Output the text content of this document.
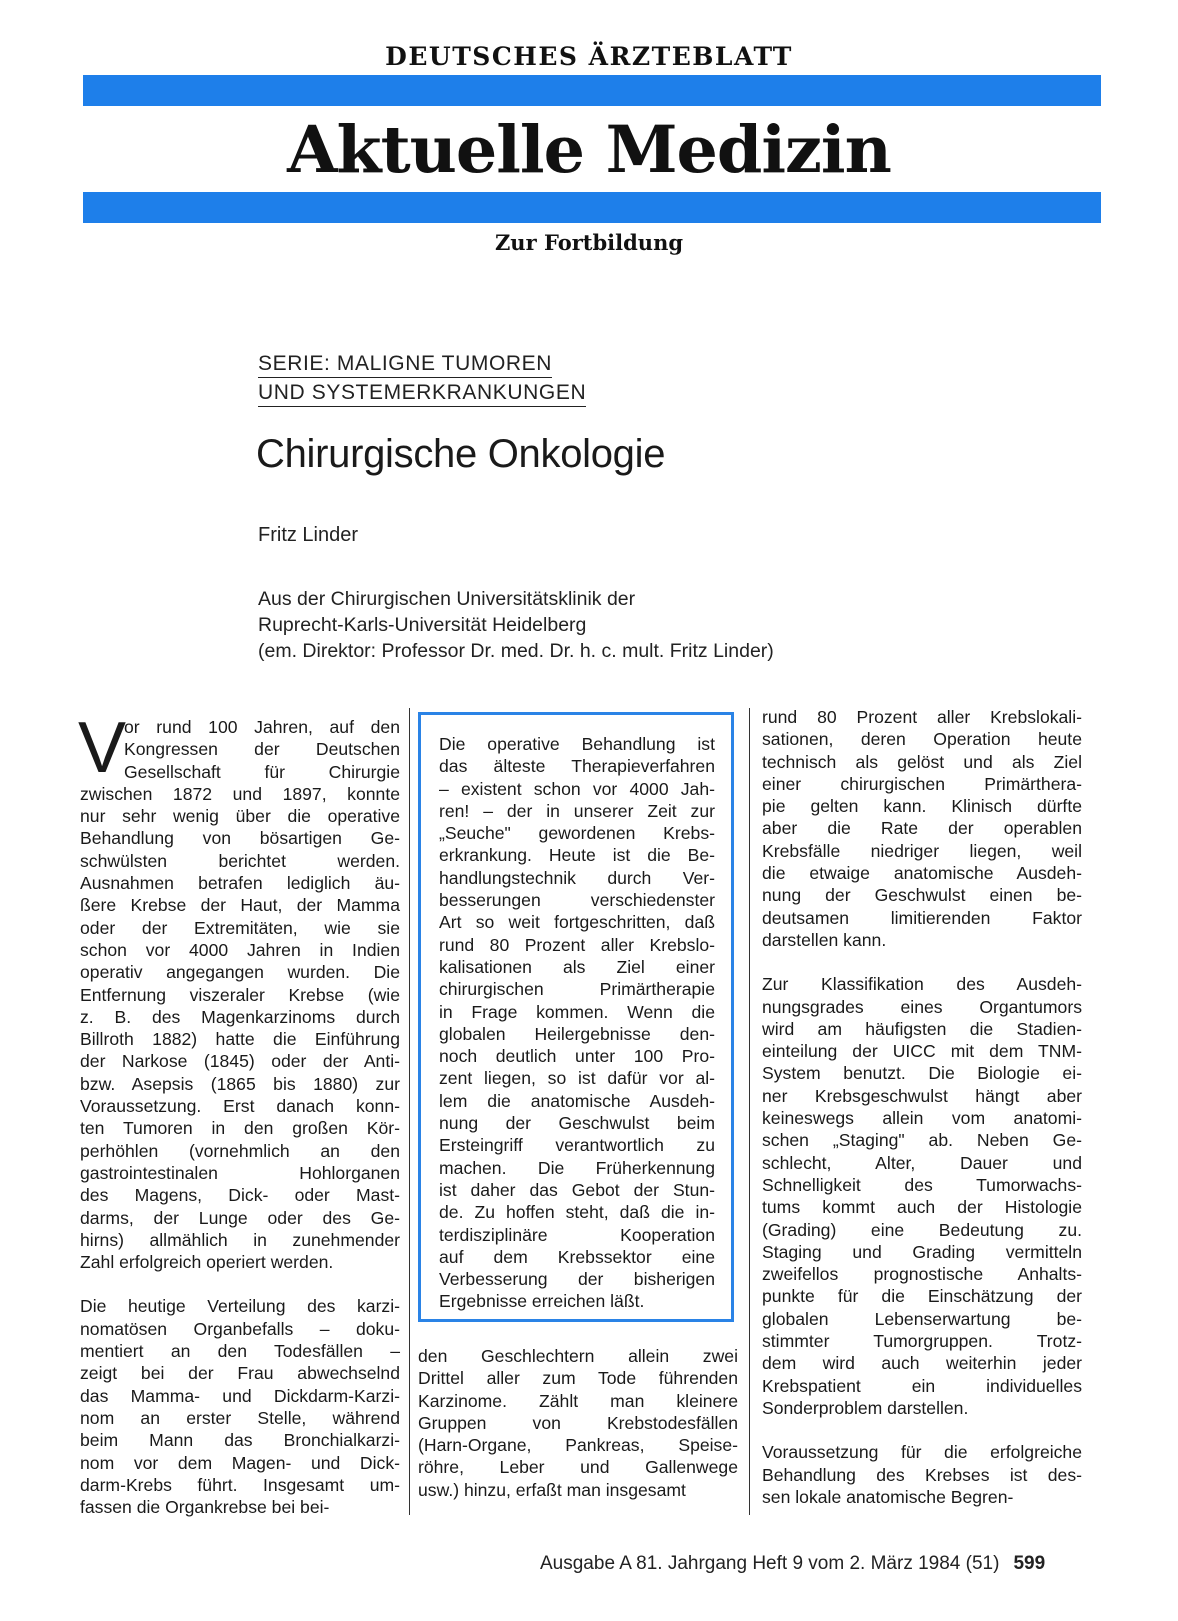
DEUTSCHES ÄRZTEBLATT
Aktuelle Medizin
Zur Fortbildung
SERIE: MALIGNE TUMOREN
UND SYSTEMERKRANKUNGEN
Chirurgische Onkologie
Fritz Linder
Aus der Chirurgischen Universitätsklinik der
Ruprecht-Karls-Universität Heidelberg
(em. Direktor: Professor Dr. med. Dr. h. c. mult. Fritz Linder)
V
or rund 100 Jahren, auf den
Kongressen der Deutschen
Gesellschaft für Chirurgie
zwischen 1872 und 1897, konnte
nur sehr wenig über die operative
Behandlung von bösartigen Ge-
schwülsten berichtet werden.
Ausnahmen betrafen lediglich äu-
ßere Krebse der Haut, der Mamma
oder der Extremitäten, wie sie
schon vor 4000 Jahren in Indien
operativ angegangen wurden. Die
Entfernung viszeraler Krebse (wie
z. B. des Magenkarzinoms durch
Billroth 1882) hatte die Einführung
der Narkose (1845) oder der Anti-
bzw. Asepsis (1865 bis 1880) zur
Voraussetzung. Erst danach konn-
ten Tumoren in den großen Kör-
perhöhlen (vornehmlich an den
gastrointestinalen Hohlorganen
des Magens, Dick- oder Mast-
darms, der Lunge oder des Ge-
hirns) allmählich in zunehmender
Zahl erfolgreich operiert werden.
Die heutige Verteilung des karzi-
nomatösen Organbefalls – doku-
mentiert an den Todesfällen –
zeigt bei der Frau abwechselnd
das Mamma- und Dickdarm-Karzi-
nom an erster Stelle, während
beim Mann das Bronchialkarzi-
nom vor dem Magen- und Dick-
darm-Krebs führt. Insgesamt um-
fassen die Organkrebse bei bei-
Die operative Behandlung ist
das älteste Therapieverfahren
– existent schon vor 4000 Jah-
ren! – der in unserer Zeit zur
„Seuche" gewordenen Krebs-
erkrankung. Heute ist die Be-
handlungstechnik durch Ver-
besserungen verschiedenster
Art so weit fortgeschritten, daß
rund 80 Prozent aller Krebslo-
kalisationen als Ziel einer
chirurgischen Primärtherapie
in Frage kommen. Wenn die
globalen Heilergebnisse den-
noch deutlich unter 100 Pro-
zent liegen, so ist dafür vor al-
lem die anatomische Ausdeh-
nung der Geschwulst beim
Ersteingriff verantwortlich zu
machen. Die Früherkennung
ist daher das Gebot der Stun-
de. Zu hoffen steht, daß die in-
terdisziplinäre Kooperation
auf dem Krebssektor eine
Verbesserung der bisherigen
Ergebnisse erreichen läßt.
den Geschlechtern allein zwei
Drittel aller zum Tode führenden
Karzinome. Zählt man kleinere
Gruppen von Krebstodesfällen
(Harn-Organe, Pankreas, Speise-
röhre, Leber und Gallenwege
usw.) hinzu, erfaßt man insgesamt
rund 80 Prozent aller Krebslokali-
sationen, deren Operation heute
technisch als gelöst und als Ziel
einer chirurgischen Primärthera-
pie gelten kann. Klinisch dürfte
aber die Rate der operablen
Krebsfälle niedriger liegen, weil
die etwaige anatomische Ausdeh-
nung der Geschwulst einen be-
deutsamen limitierenden Faktor
darstellen kann.
Zur Klassifikation des Ausdeh-
nungsgrades eines Organtumors
wird am häufigsten die Stadien-
einteilung der UICC mit dem TNM-
System benutzt. Die Biologie ei-
ner Krebsgeschwulst hängt aber
keineswegs allein vom anatomi-
schen „Staging" ab. Neben Ge-
schlecht, Alter, Dauer und
Schnelligkeit des Tumorwachs-
tums kommt auch der Histologie
(Grading) eine Bedeutung zu.
Staging und Grading vermitteln
zweifellos prognostische Anhalts-
punkte für die Einschätzung der
globalen Lebenserwartung be-
stimmter Tumorgruppen. Trotz-
dem wird auch weiterhin jeder
Krebspatient ein individuelles
Sonderproblem darstellen.
Voraussetzung für die erfolgreiche
Behandlung des Krebses ist des-
sen lokale anatomische Begren-
Ausgabe A 81. Jahrgang Heft 9 vom 2. März 1984 (51) 599
